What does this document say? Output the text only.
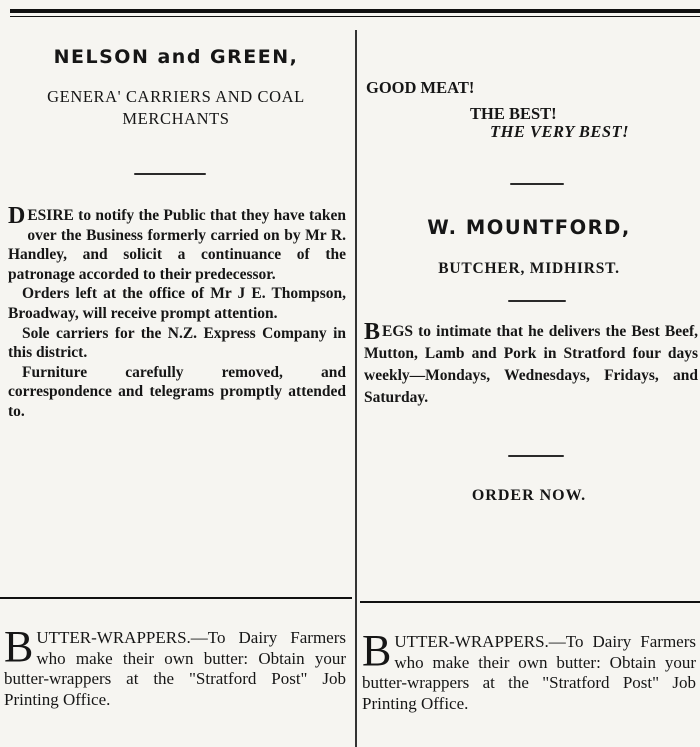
NELSON and GREEN,
GENERA' CARRIERS AND COAL
MERCHANTS

DESIRE to notify the Public that they have taken over the Business formerly carried on by Mr R. Handley, and solicit a continuance of the patronage accorded to their predecessor.

Orders left at the office of Mr J E. Thompson, Broadway, will receive prompt attention.

Sole carriers for the N.Z. Express Company in this district.

Furniture carefully removed, and correspondence and telegrams promptly attended to.

GOOD MEAT!
THE BEST!
THE VERY BEST!
W. MOUNTFORD,
BUTCHER, MIDHIRST.

BEGS to intimate that he delivers the Best Beef, Mutton, Lamb and Pork in Stratford four days weekly—Mondays, Wednesdays, Fridays, and Saturday.

ORDER NOW.
BUTTER-WRAPPERS.—To Dairy Farmers who make their own butter: Obtain your butter-wrappers at the "Stratford Post" Job Printing Office.
BUTTER-WRAPPERS.—To Dairy Farmers who make their own butter: Obtain your butter-wrappers at the "Stratford Post" Job Printing Office.
